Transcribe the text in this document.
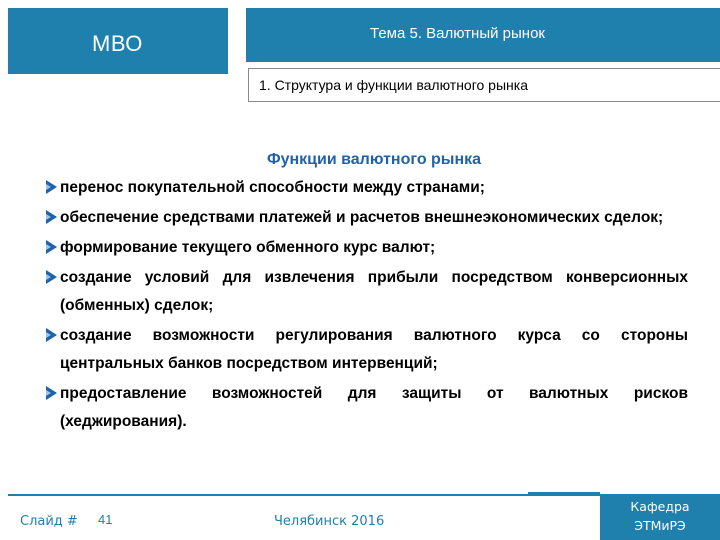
МВО	Тема 5. Валютный рынок
1. Структура и функции валютного рынка
Функции валютного рынка
перенос покупательной способности между странами;
обеспечение средствами платежей и расчетов внешнеэкономических сделок;
формирование текущего обменного курс валют;
создание условий для извлечения прибыли посредством конверсионных (обменных) сделок;
создание возможности регулирования валютного курса со стороны центральных банков посредством интервенций;
предоставление возможностей для защиты от валютных рисков (хеджирования).
Слайд # 41	Челябинск 2016
Кафедра
ЭТМиРЭ
